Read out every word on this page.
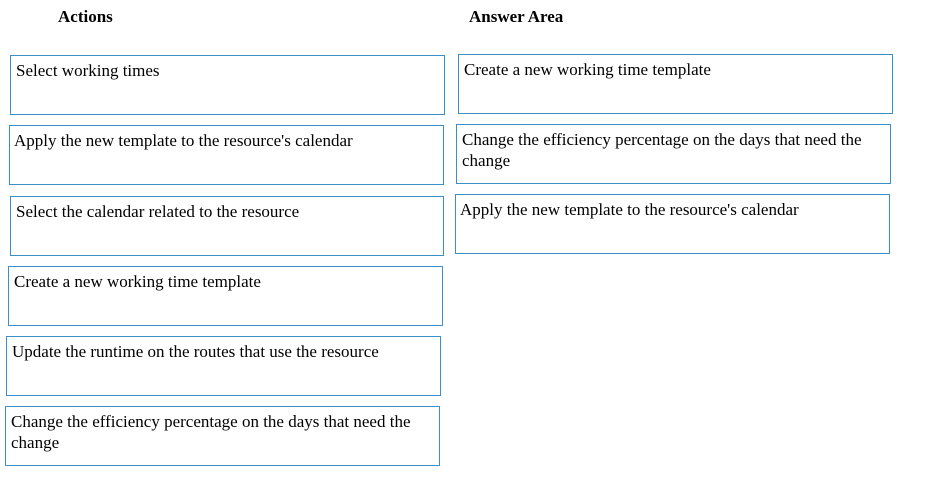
Actions	Answer Area
Select working times
Apply the new template to the resource's calendar
Select the calendar related to the resource
Create a new working time template
Update the runtime on the routes that use the resource
Change the efficiency percentage on the days that need the change
Create a new working time template
Change the efficiency percentage on the days that need the change
Apply the new template to the resource's calendar
